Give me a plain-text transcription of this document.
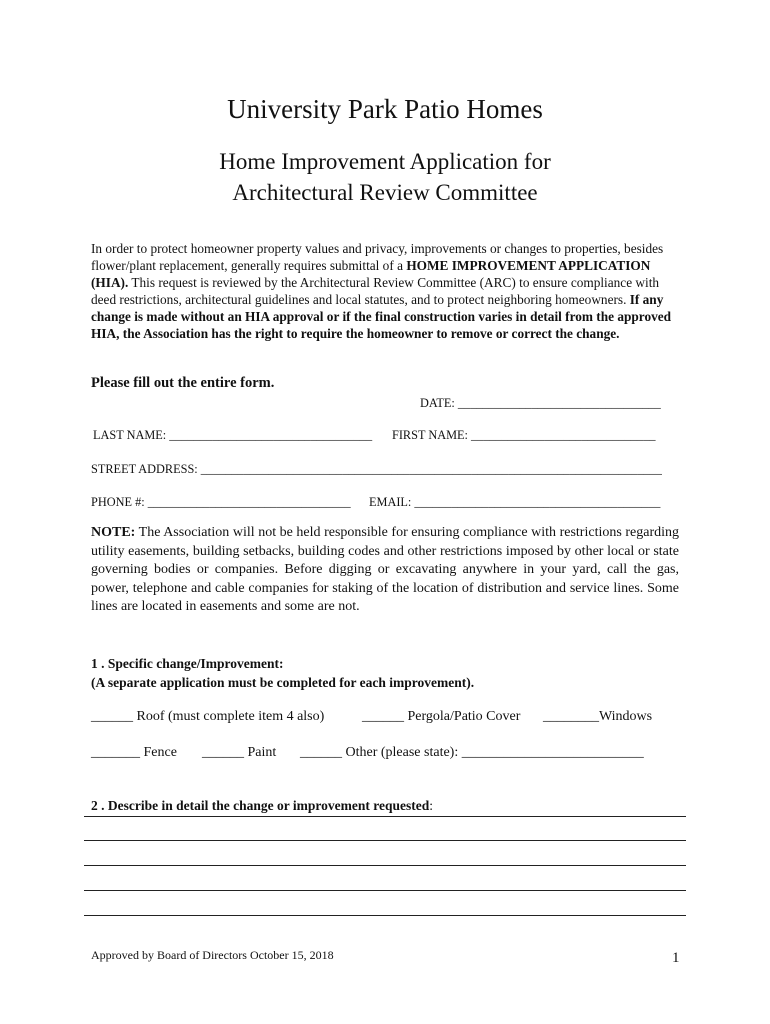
University Park Patio Homes
Home Improvement Application for
Architectural Review Committee
In order to protect homeowner property values and privacy, improvements or changes to properties, besides flower/plant replacement, generally requires submittal of a HOME IMPROVEMENT APPLICATION (HIA). This request is reviewed by the Architectural Review Committee (ARC) to ensure compliance with deed restrictions, architectural guidelines and local statutes, and to protect neighboring homeowners. If any change is made without an HIA approval or if the final construction varies in detail from the approved HIA, the Association has the right to require the homeowner to remove or correct the change.
Please fill out the entire form.
DATE: _________________________________
LAST NAME: _________________________________ FIRST NAME: ______________________________
STREET ADDRESS: ___________________________________________________________________________
PHONE #: _________________________________ EMAIL: ________________________________________
NOTE: The Association will not be held responsible for ensuring compliance with restrictions regarding utility easements, building setbacks, building codes and other restrictions imposed by other local or state governing bodies or companies. Before digging or excavating anywhere in your yard, call the gas, power, telephone and cable companies for staking of the location of distribution and service lines. Some lines are located in easements and some are not.
1 . Specific change/Improvement:
(A separate application must be completed for each improvement).
______ Roof (must complete item 4 also)	______ Pergola/Patio Cover ________Windows
_______ Fence ______ Paint ______ Other (please state): __________________________
2 . Describe in detail the change or improvement requested:
Approved by Board of Directors October 15, 2018	1
